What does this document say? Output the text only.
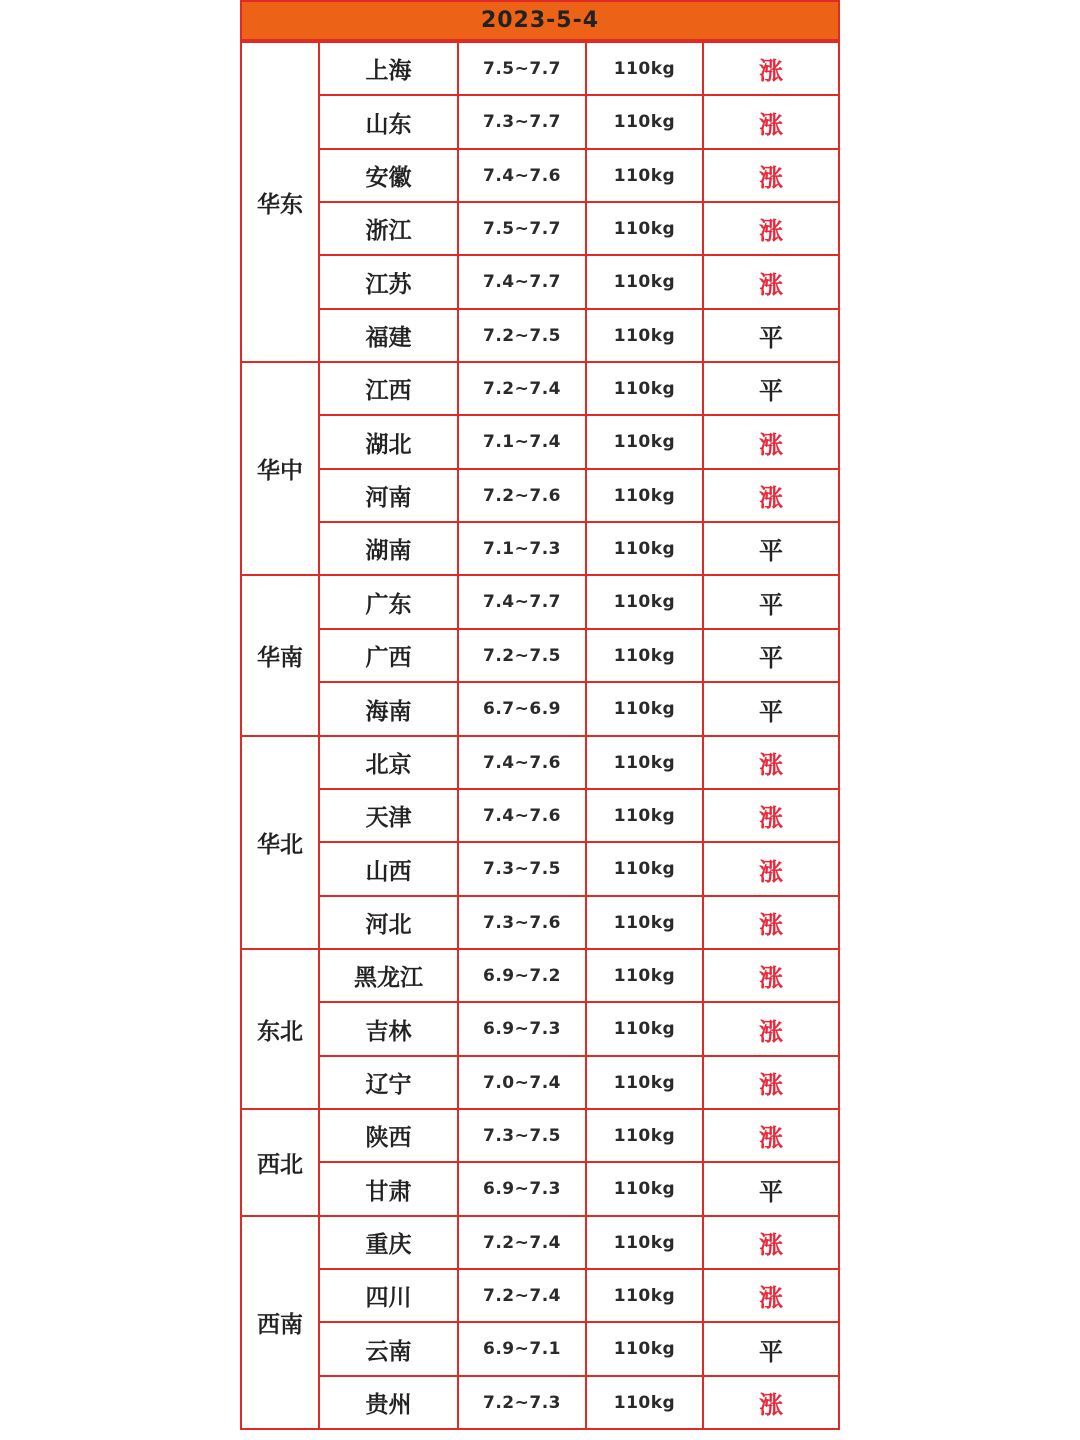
2023-5-4
华东
上海	7.5~7.7	110kg	涨
山东	7.3~7.7	110kg	涨
安徽	7.4~7.6	110kg	涨
浙江	7.5~7.7	110kg	涨
江苏	7.4~7.7	110kg	涨
福建	7.2~7.5	110kg	平
华中
江西	7.2~7.4	110kg	平
湖北	7.1~7.4	110kg	涨
河南	7.2~7.6	110kg	涨
湖南	7.1~7.3	110kg	平
华南
广东	7.4~7.7	110kg	平
广西	7.2~7.5	110kg	平
海南	6.7~6.9	110kg	平
华北
北京	7.4~7.6	110kg	涨
天津	7.4~7.6	110kg	涨
山西	7.3~7.5	110kg	涨
河北	7.3~7.6	110kg	涨
东北
黑龙江	6.9~7.2	110kg	涨
吉林	6.9~7.3	110kg	涨
辽宁	7.0~7.4	110kg	涨
西北
陕西	7.3~7.5	110kg	涨
甘肃	6.9~7.3	110kg	平
西南
重庆	7.2~7.4	110kg	涨
四川	7.2~7.4	110kg	涨
云南	6.9~7.1	110kg	平
贵州	7.2~7.3	110kg	涨
